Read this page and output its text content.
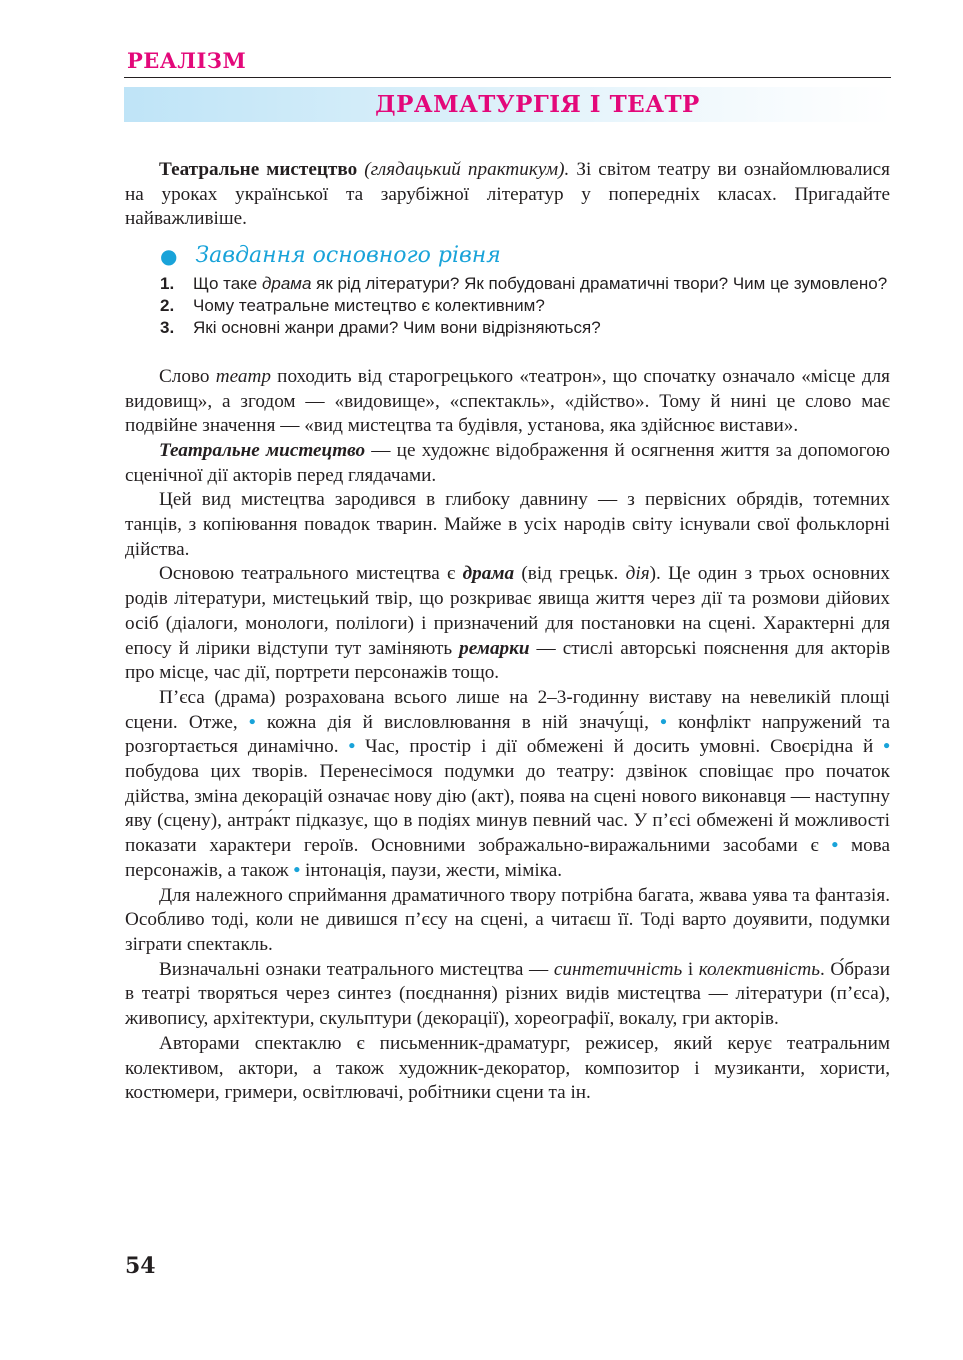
РЕАЛІЗМ

ДРАМАТУРГІЯ І ТЕАТР

Театральне мистецтво (глядацький практикум). Зі світом театру ви ознайомлювалися на уроках української та зарубіжної літератур у попередніх класах. Пригадайте найважливіше.

● Завдання основного рівня
1. Що таке драма як рід літератури? Як побудовані драматичні твори? Чим це зумовлено?
2. Чому театральне мистецтво є колективним?
3. Які основні жанри драми? Чим вони відрізняються?

Слово театр походить від старогрецького «театрон», що спочатку означало «місце для видовищ», а згодом — «видовище», «спектакль», «дійство». Тому й нині це слово має подвійне значення — «вид мистецтва та будівля, установа, яка здійснює вистави».

Театральне мистецтво — це художнє відображення й осягнення життя за допомогою сценічної дії акторів перед глядачами.

Цей вид мистецтва зародився в глибоку давнину — з первісних обрядів, тотемних танців, з копіювання повадок тварин. Майже в усіх народів світу існували свої фольклорні дійства.

Основою театрального мистецтва є драма (від грецьк. дія). Це один з трьох основних родів літератури, мистецький твір, що розкриває явища життя через дії та розмови дійових осіб (діалоги, монологи, полілоги) і призначений для постановки на сцені. Характерні для епосу й лірики відступи тут заміняють ремарки — стислі авторські пояснення для акторів про місце, час дії, портрети персонажів тощо.

П’єса (драма) розрахована всього лише на 2–3-годинну виставу на невеликій площі сцени. Отже, • кожна дія й висловлювання в ній значу́щі, • конфлікт напружений та розгортається динамічно. • Час, простір і дії обмежені й досить умовні. Своєрідна й • побудова цих творів. Перенесімося подумки до театру: дзвінок сповіщає про початок дійства, зміна декорацій означає нову дію (акт), поява на сцені нового виконавця — наступну яву (сцену), антра́кт підказує, що в подіях минув певний час. У п’єсі обмежені й можливості показати характери героїв. Основними зображально-виражальними засобами є • мова персонажів, а також • інтонація, паузи, жести, міміка.

Для належного сприймання драматичного твору потрібна багата, жвава уява та фантазія. Особливо тоді, коли не дивишся п’єсу на сцені, а читаєш її. Тоді варто доуявити, подумки зіграти спектакль.

Визначальні ознаки театрального мистецтва — синтетичність і колективність. О́брази в театрі творяться через синтез (поєднання) різних видів мистецтва — літератури (п’єса), живопису, архітектури, скульптури (декорації), хореографії, вокалу, гри акторів.

Авторами спектаклю є письменник-драматург, режисер, який керує театральним колективом, актори, а також художник-декоратор, композитор і музиканти, хористи, костюмери, гримери, освітлювачі, робітники сцени та ін.

54
